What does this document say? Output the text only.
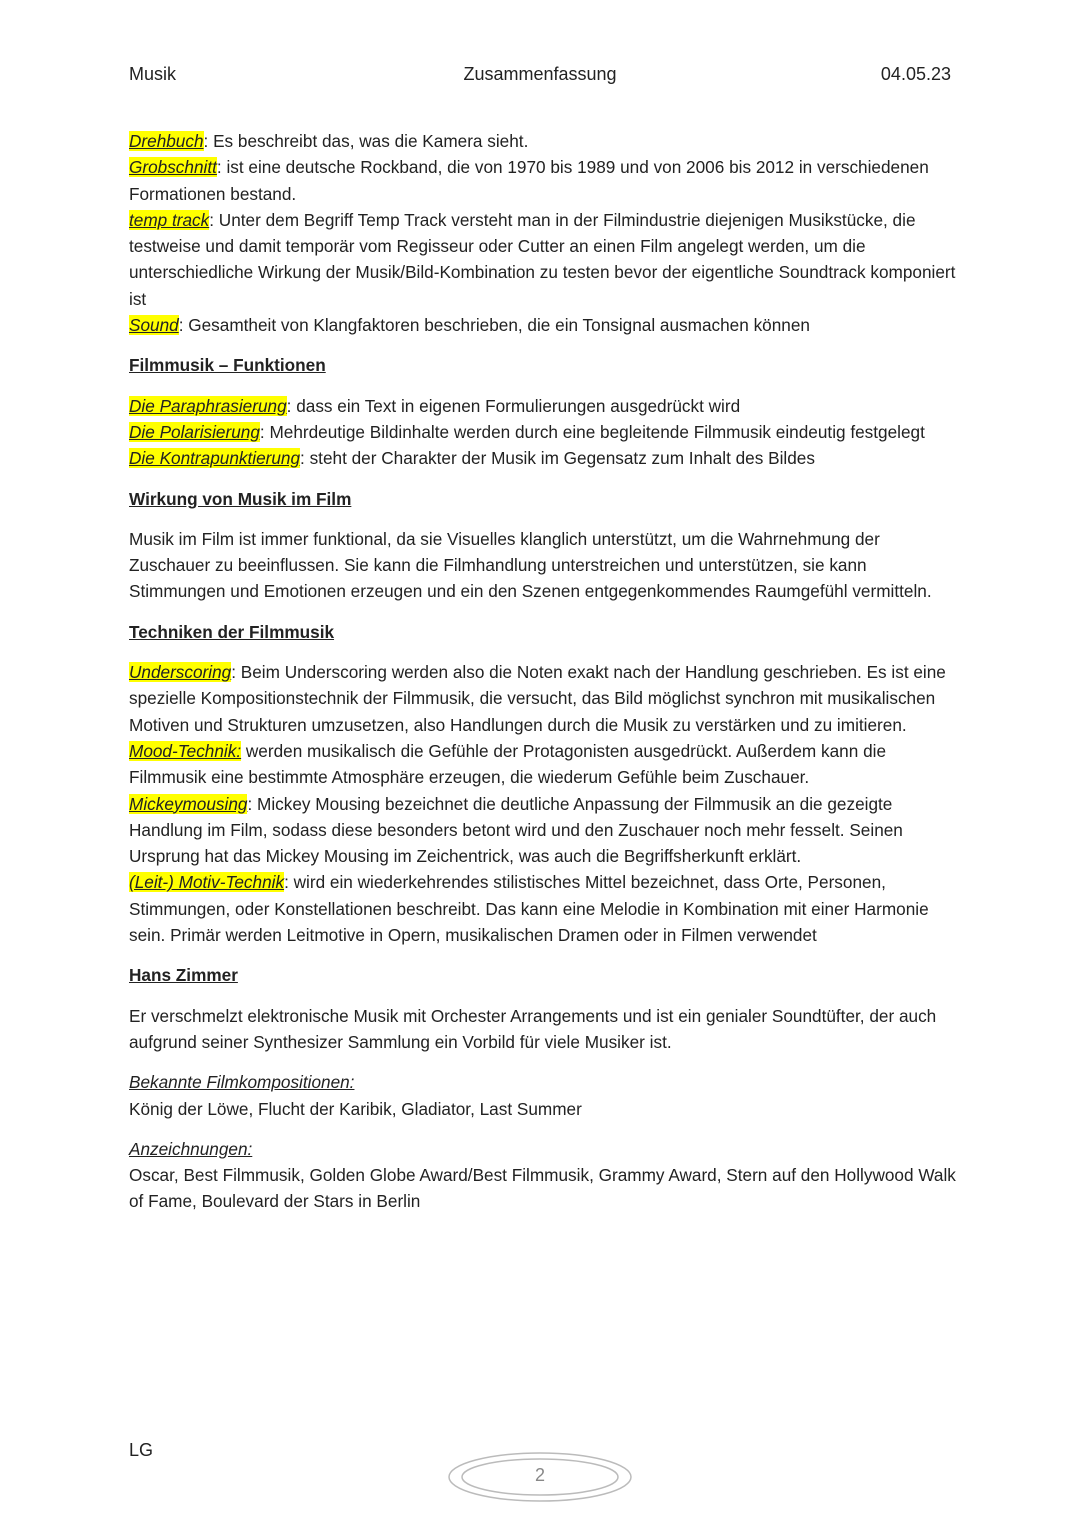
Musik	Zusammenfassung	04.05.23

Drehbuch: Es beschreibt das, was die Kamera sieht.

Grobschnitt: ist eine deutsche Rockband, die von 1970 bis 1989 und von 2006 bis 2012 in verschiedenen Formationen bestand.

temp track: Unter dem Begriff Temp Track versteht man in der Filmindustrie diejenigen Musikstücke, die testweise und damit temporär vom Regisseur oder Cutter an einen Film angelegt werden, um die unterschiedliche Wirkung der Musik/Bild-Kombination zu testen bevor der eigentliche Soundtrack komponiert ist

Sound: Gesamtheit von Klangfaktoren beschrieben, die ein Tonsignal ausmachen können

Filmmusik – Funktionen

Die Paraphrasierung: dass ein Text in eigenen Formulierungen ausgedrückt wird

Die Polarisierung: Mehrdeutige Bildinhalte werden durch eine begleitende Filmmusik eindeutig festgelegt

Die Kontrapunktierung: steht der Charakter der Musik im Gegensatz zum Inhalt des Bildes

Wirkung von Musik im Film

Musik im Film ist immer funktional, da sie Visuelles klanglich unterstützt, um die Wahrnehmung der Zuschauer zu beeinflussen. Sie kann die Filmhandlung unterstreichen und unterstützen, sie kann Stimmungen und Emotionen erzeugen und ein den Szenen entgegenkommendes Raumgefühl vermitteln.

Techniken der Filmmusik

Underscoring: Beim Underscoring werden also die Noten exakt nach der Handlung geschrieben. Es ist eine spezielle Kompositionstechnik der Filmmusik, die versucht, das Bild möglichst synchron mit musikalischen Motiven und Strukturen umzusetzen, also Handlungen durch die Musik zu verstärken und zu imitieren.

Mood-Technik: werden musikalisch die Gefühle der Protagonisten ausgedrückt. Außerdem kann die Filmmusik eine bestimmte Atmosphäre erzeugen, die wiederum Gefühle beim Zuschauer.

Mickeymousing: Mickey Mousing bezeichnet die deutliche Anpassung der Filmmusik an die gezeigte Handlung im Film, sodass diese besonders betont wird und den Zuschauer noch mehr fesselt. Seinen Ursprung hat das Mickey Mousing im Zeichentrick, was auch die Begriffsherkunft erklärt.

(Leit-) Motiv-Technik: wird ein wiederkehrendes stilistisches Mittel bezeichnet, dass Orte, Personen, Stimmungen, oder Konstellationen beschreibt. Das kann eine Melodie in Kombination mit einer Harmonie sein. Primär werden Leitmotive in Opern, musikalischen Dramen oder in Filmen verwendet

Hans Zimmer

Er verschmelzt elektronische Musik mit Orchester Arrangements und ist ein genialer Soundtüfter, der auch aufgrund seiner Synthesizer Sammlung ein Vorbild für viele Musiker ist.

Bekannte Filmkompositionen:

König der Löwe, Flucht der Karibik, Gladiator, Last Summer

Anzeichnungen:

Oscar, Best Filmmusik, Golden Globe Award/Best Filmmusik, Grammy Award, Stern auf den Hollywood Walk of Fame, Boulevard der Stars in Berlin

LG
2
